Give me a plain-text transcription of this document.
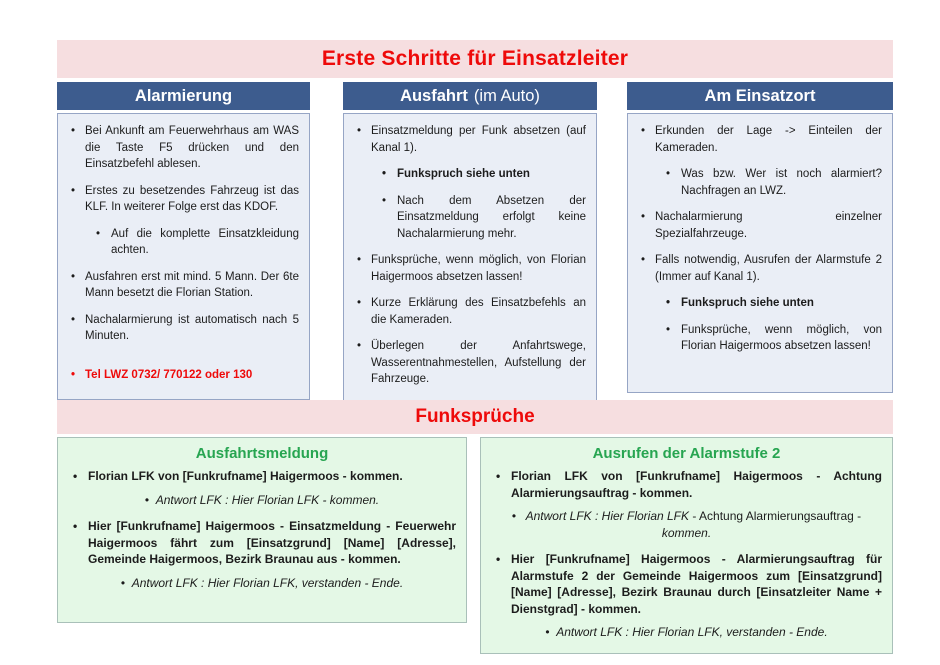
Erste Schritte für Einsatzleiter
Alarmierung	Ausfahrt (im Auto)	Am Einsatzort
• Bei Ankunft am Feuerwehrhaus am WAS die Taste F5 drücken und den Einsatzbefehl ablesen.
• Erstes zu besetzendes Fahrzeug ist das KLF. In weiterer Folge erst das KDOF.
• Auf die komplette Einsatzkleidung achten.
• Ausfahren erst mit mind. 5 Mann. Der 6te Mann besetzt die Florian Station.
• Nachalarmierung ist automatisch nach 5 Minuten.
• Tel LWZ 0732/ 770122 oder 130
• Einsatzmeldung per Funk absetzen (auf Kanal 1).
• Funkspruch siehe unten
• Nach dem Absetzen der Einsatzmeldung erfolgt keine Nachalarmierung mehr.
• Funksprüche, wenn möglich, von Florian Haigermoos absetzen lassen!
• Kurze Erklärung des Einsatzbefehls an die Kameraden.
• Überlegen der Anfahrtswege, Wasserentnahmestellen, Aufstellung der Fahrzeuge.
• Erkunden der Lage -> Einteilen der Kameraden.
• Was bzw. Wer ist noch alarmiert? Nachfragen an LWZ.
• Nachalarmierung einzelner Spezialfahrzeuge.
• Falls notwendig, Ausrufen der Alarmstufe 2 (Immer auf Kanal 1).
• Funkspruch siehe unten
• Funksprüche, wenn möglich, von Florian Haigermoos absetzen lassen!
Funksprüche
Ausfahrtsmeldung
• Florian LFK von [Funkrufname] Haigermoos - kommen.
•  Antwort LFK : Hier Florian LFK - kommen.
• Hier [Funkrufname] Haigermoos - Einsatzmeldung - Feuerwehr Haigermoos fährt zum [Einsatzgrund] [Name] [Adresse], Gemeinde Haigermoos, Bezirk Braunau aus - kommen.
•  Antwort LFK : Hier Florian LFK, verstanden - Ende.
Ausrufen der Alarmstufe 2
• Florian LFK von [Funkrufname] Haigermoos - Achtung Alarmierungsauftrag - kommen.
•  Antwort LFK : Hier Florian LFK - Achtung Alarmierungsauftrag - kommen.
• Hier [Funkrufname] Haigermoos - Alarmierungsauftrag für Alarmstufe 2 der Gemeinde Haigermoos zum [Einsatzgrund] [Name] [Adresse], Bezirk Braunau durch [Einsatzleiter Name + Dienstgrad] - kommen.
•  Antwort LFK : Hier Florian LFK, verstanden - Ende.
